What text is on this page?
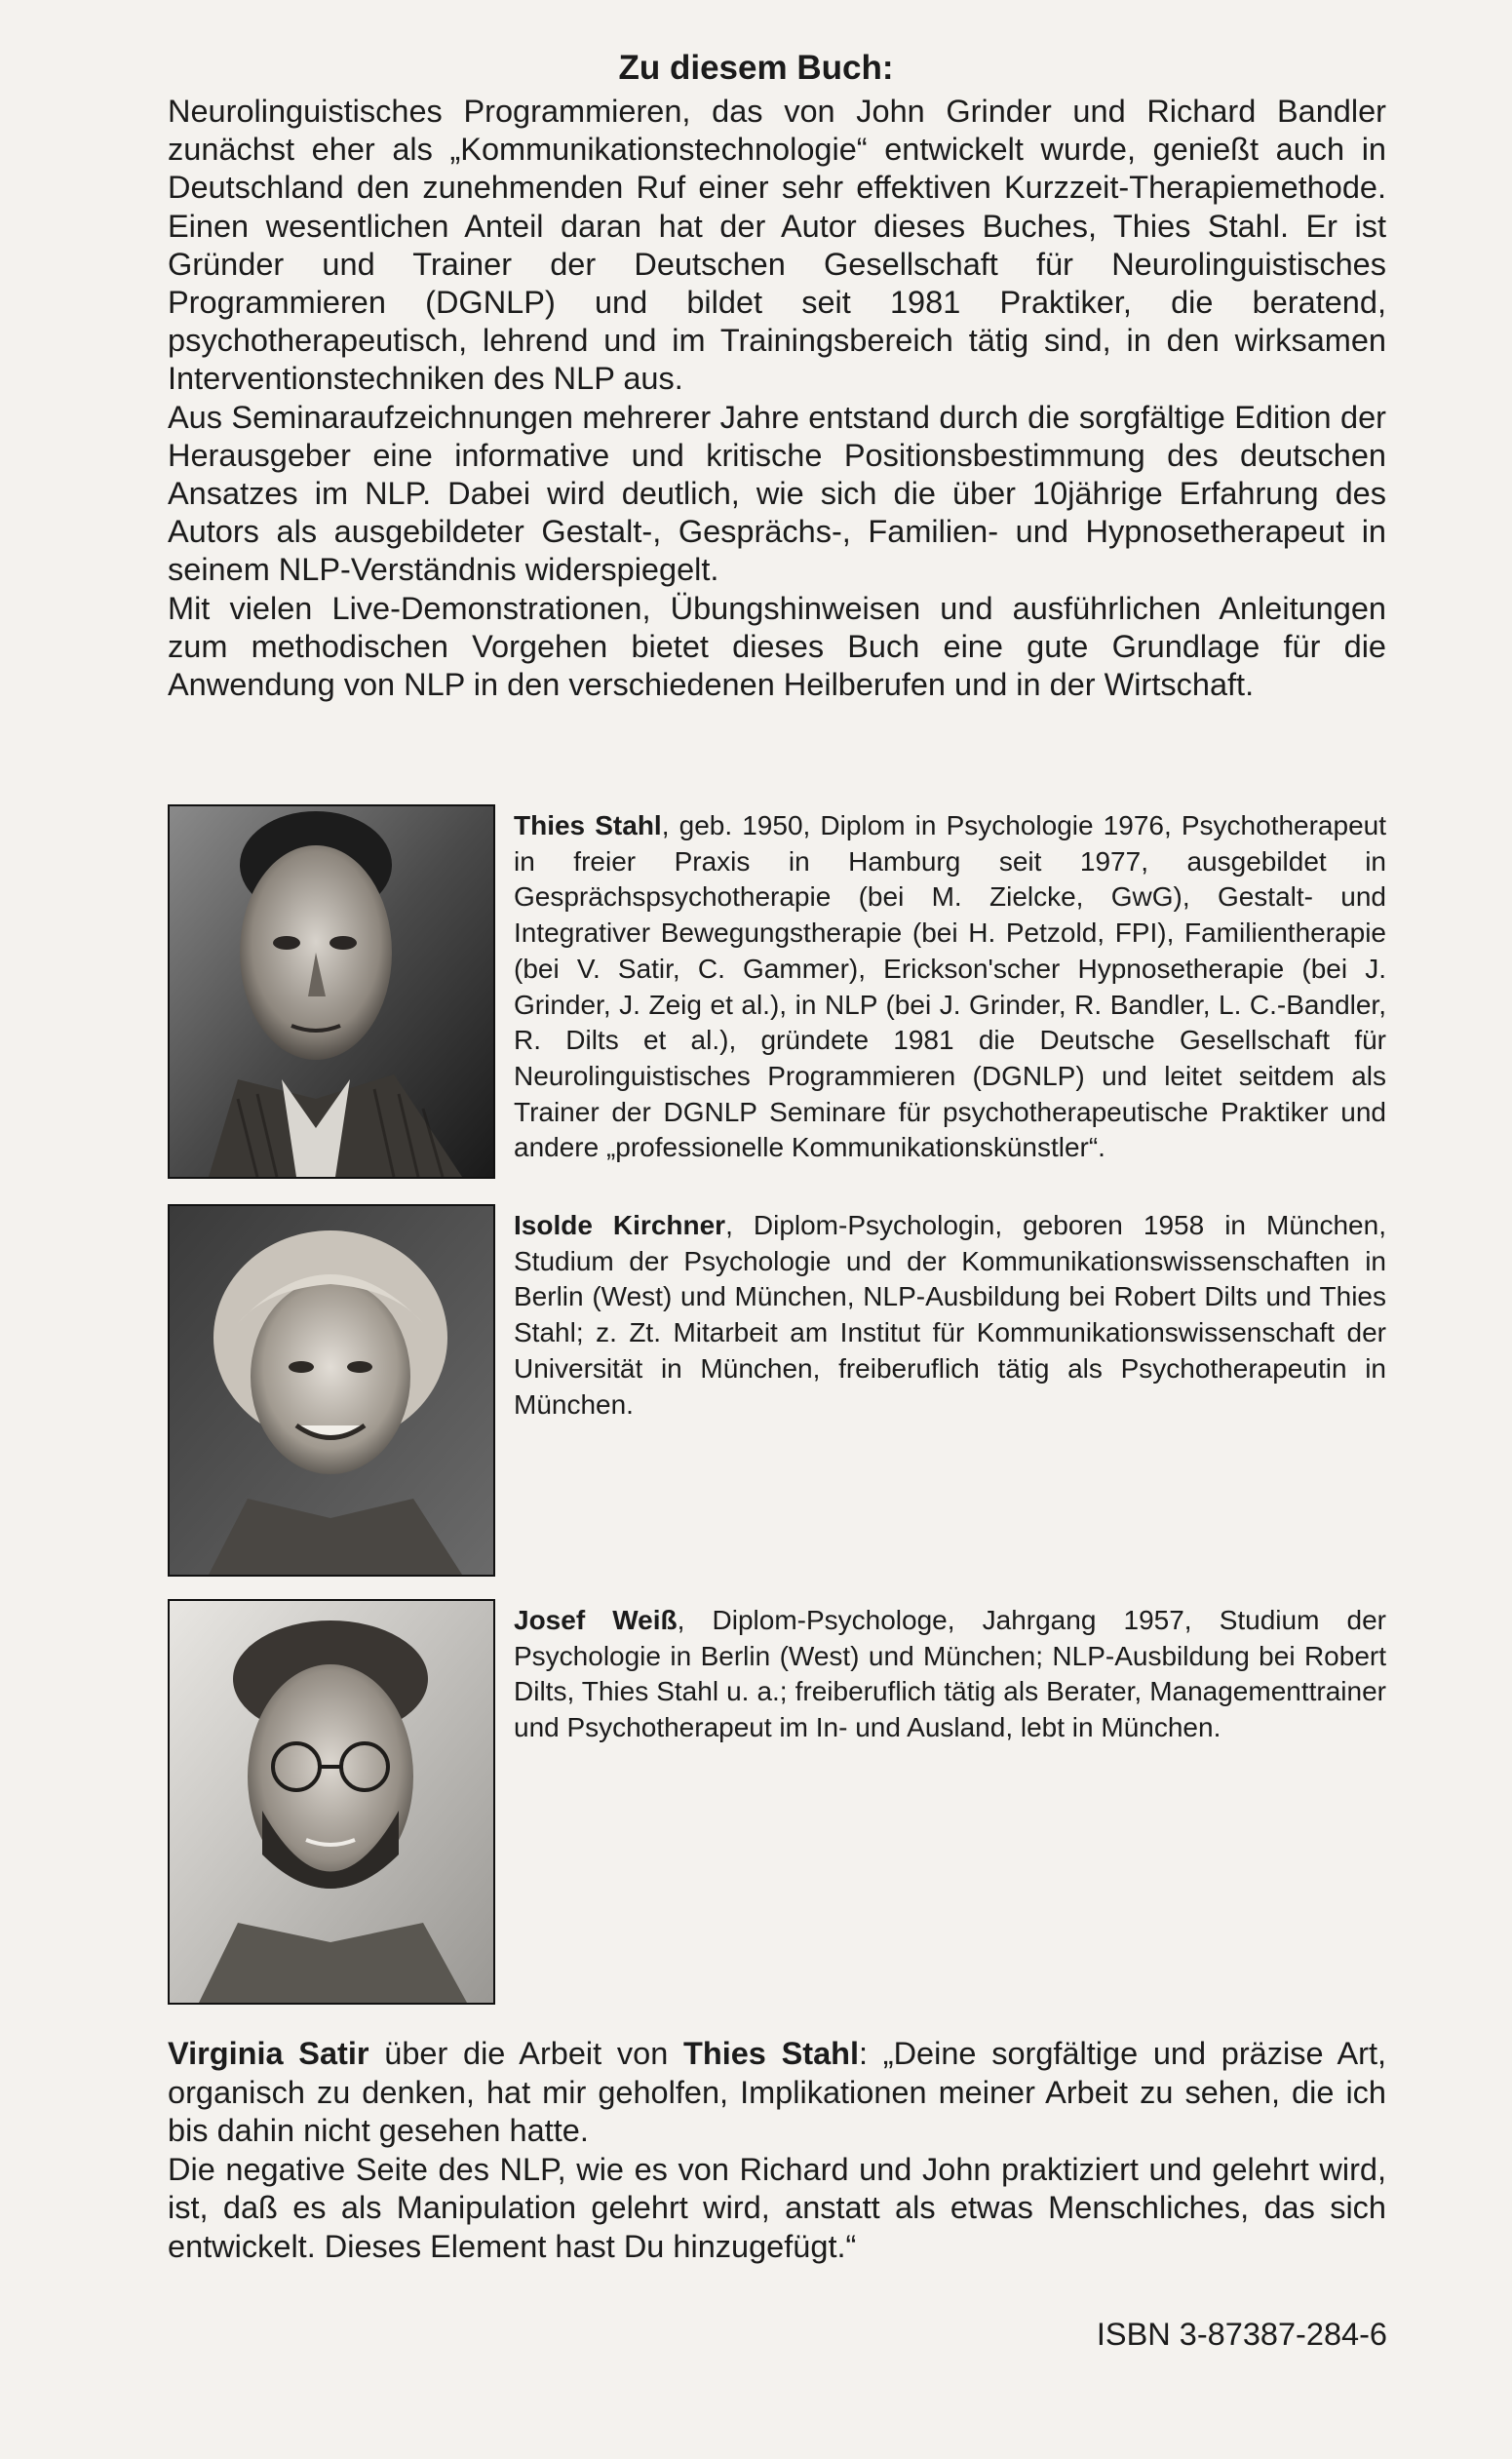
Zu diesem Buch:

Neurolinguistisches Programmieren, das von John Grinder und Richard Bandler zunächst eher als „Kommunikationstechnologie“ entwickelt wurde, genießt auch in Deutschland den zunehmenden Ruf einer sehr effektiven Kurzzeit-Therapiemethode. Einen wesentlichen Anteil daran hat der Autor dieses Buches, Thies Stahl. Er ist Gründer und Trainer der Deutschen Gesellschaft für Neurolinguistisches Programmieren (DGNLP) und bildet seit 1981 Praktiker, die beratend, psychotherapeutisch, lehrend und im Trainingsbereich tätig sind, in den wirksamen Interventionstechniken des NLP aus.

Aus Seminaraufzeichnungen mehrerer Jahre entstand durch die sorgfältige Edition der Herausgeber eine informative und kritische Positionsbestimmung des deutschen Ansatzes im NLP. Dabei wird deutlich, wie sich die über 10jährige Erfahrung des Autors als ausgebildeter Gestalt-, Gesprächs-, Familien- und Hypnosetherapeut in seinem NLP-Verständnis widerspiegelt.

Mit vielen Live-Demonstrationen, Übungshinweisen und ausführlichen Anleitungen zum methodischen Vorgehen bietet dieses Buch eine gute Grundlage für die Anwendung von NLP in den verschiedenen Heilberufen und in der Wirtschaft.

Thies Stahl, geb. 1950, Diplom in Psychologie 1976, Psychotherapeut in freier Praxis in Hamburg seit 1977, ausgebildet in Gesprächspsychotherapie (bei M. Zielcke, GwG), Gestalt- und Integrativer Bewegungstherapie (bei H. Petzold, FPI), Familientherapie (bei V. Satir, C. Gammer), Erickson'scher Hypnosetherapie (bei J. Grinder, J. Zeig et al.), in NLP (bei J. Grinder, R. Bandler, L. C.-Bandler, R. Dilts et al.), gründete 1981 die Deutsche Gesellschaft für Neurolinguistisches Programmieren (DGNLP) und leitet seitdem als Trainer der DGNLP Seminare für psychotherapeutische Praktiker und andere „professionelle Kommunikationskünstler“.

Isolde Kirchner, Diplom-Psychologin, geboren 1958 in München, Studium der Psychologie und der Kommunikationswissenschaften in Berlin (West) und München, NLP-Ausbildung bei Robert Dilts und Thies Stahl; z. Zt. Mitarbeit am Institut für Kommunikationswissenschaft der Universität in München, freiberuflich tätig als Psychotherapeutin in München.

Josef Weiß, Diplom-Psychologe, Jahrgang 1957, Studium der Psychologie in Berlin (West) und München; NLP-Ausbildung bei Robert Dilts, Thies Stahl u. a.; freiberuflich tätig als Berater, Managementtrainer und Psychotherapeut im In- und Ausland, lebt in München.

Virginia Satir über die Arbeit von Thies Stahl: „Deine sorgfältige und präzise Art, organisch zu denken, hat mir geholfen, Implikationen meiner Arbeit zu sehen, die ich bis dahin nicht gesehen hatte.

Die negative Seite des NLP, wie es von Richard und John praktiziert und gelehrt wird, ist, daß es als Manipulation gelehrt wird, anstatt als etwas Menschliches, das sich entwickelt. Dieses Element hast Du hinzugefügt.“

ISBN 3-87387-284-6
